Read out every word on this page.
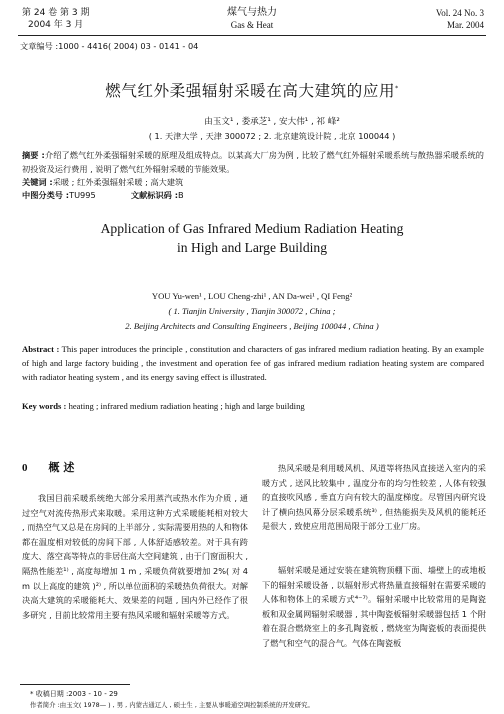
第 24 卷 第 3 期
2004 年 3 月
煤气与热力
Gas & Heat
Vol. 24 No. 3
Mar. 2004
文章编号 :1000 - 4416( 2004) 03 - 0141 - 04
燃气红外柔强辐射采暖在高大建筑的应用*
由玉文¹ , 娄承芝¹ , 安大伟¹ , 祁 峰²
( 1. 天津大学 , 天津 300072 ; 2. 北京建筑设计院 , 北京 100044 )
摘要 :介绍了燃气红外柔强辐射采暖的原理及组成特点。以某高大厂房为例 , 比较了燃气红外辐射采暖系统与散热器采暖系统的初投资及运行费用 , 说明了燃气红外辐射采暖的节能效果。
关键词 :采暖 ; 红外柔强辐射采暖 ; 高大建筑
中图分类号 :TU995	文献标识码 :B
Application of Gas Infrared Medium Radiation Heating
in High and Large Building
YOU Yu-wen¹ , LOU Cheng-zhi¹ , AN Da-wei¹ , QI Feng²
( 1. Tianjin University , Tianjin 300072 , China ;
2. Beijing Architects and Consulting Engineers , Beijing 100044 , China )
Abstract : This paper introduces the principle , constitution and characters of gas infrared medium radiation heating. By an example of high and large factory buiding , the investment and operation fee of gas infrared medium radiation heating system are compared with radiator heating system , and its energy saving effect is illustrated.
Key words : heating ; infrared medium radiation heating ; high and large building
0 概 述
我国目前采暖系统绝大部分采用蒸汽或热水作为介质 , 通过空气对流传热形式来取暖。采用这种方式采暖能耗相对较大 , 而热空气又总是在房间的上半部分 , 实际需要用热的人和物体都在温度相对较低的房间下部 , 人体舒适感较差。对于具有跨度大、落空高等特点的非居住高大空间建筑 , 由于门窗面积大 , 隔热性能差¹⁾ , 高度每增加 1 m , 采暖负荷就要增加 2%( 对 4 m 以上高度的建筑 )²⁾ , 所以单位面积的采暖热负荷很大。对解决高大建筑的采暖能耗大、效果差的问题 , 国内外已经作了很多研究 , 目前比较常用主要有热风采暖和辐射采暖等方式。
热风采暖是利用暖风机、风道等将热风直接送入室内的采暖方式 , 送风比较集中 , 温度分布的均匀性较差 , 人体有较强的直接吹风感 , 垂直方向有较大的温度梯度。尽管国内研究设计了横向热风幕分层采暖系统³⁾ , 但热能损失及风机的能耗还是很大 , 致使应用范围局限于部分工业厂房。
辐射采暖是通过安装在建筑物顶棚下面、墙壁上的或地板下的辐射采暖设备 , 以辐射形式将热量直接辐射在需要采暖的人体和物体上的采暖方式⁴⁻⁷⁾。辐射采暖中比较常用的是陶瓷板和双金属网辐射采暖器 , 其中陶瓷板辐射采暖器包括 1 个附着在混合燃烧室上的多孔陶瓷板 , 燃烧室为陶瓷板的表面提供了燃气和空气的混合气。气体在陶瓷板
* 收稿日期 :2003 - 10 - 29
作者简介 :由玉文( 1978— ) , 男 , 内蒙古通辽人 , 硕士生 , 主要从事暖通空调控制系统的开发研究。
